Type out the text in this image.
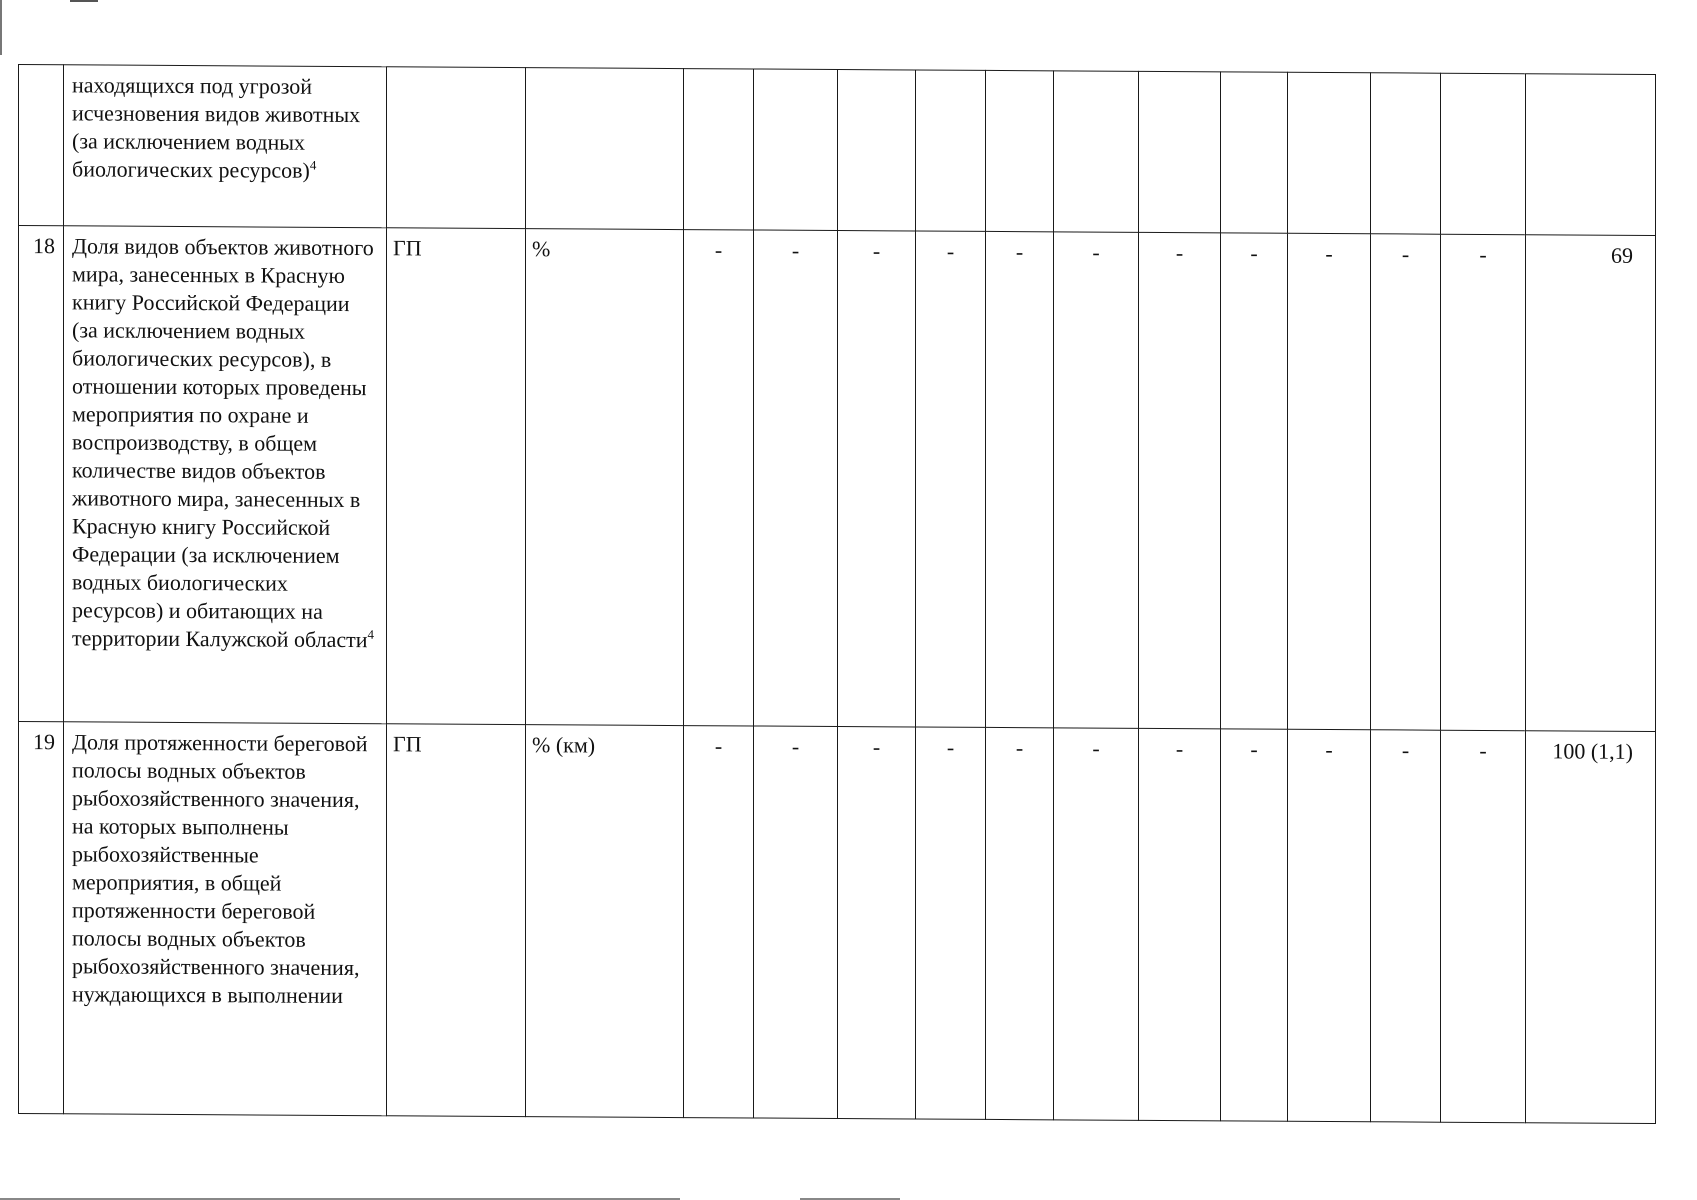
	находящихся под угрозой исчезновения видов животных (за исключением водных биологических ресурсов)$^4$														
18	Доля видов объектов животного мира, занесенных в Красную книгу Российской Федерации (за исключением водных биологических ресурсов), в отношении которых проведены мероприятия по охране и воспроизводству, в общем количестве видов объектов животного мира, занесенных в Красную книгу Российской Федерации (за исключением водных биологических ресурсов) и обитающих на территории Калужской области$^4$	ГП	%	-	-	-	-	-	-	-	-	-	-	-	69
19	Доля протяженности береговой полосы водных объектов рыбохозяйственного значения, на которых выполнены рыбохозяйственные мероприятия, в общей протяженности береговой полосы водных объектов рыбохозяйственного значения, нуждающихся в выполнении	ГП	% (км)	-	-	-	-	-	-	-	-	-	-	-	100 (1,1)
